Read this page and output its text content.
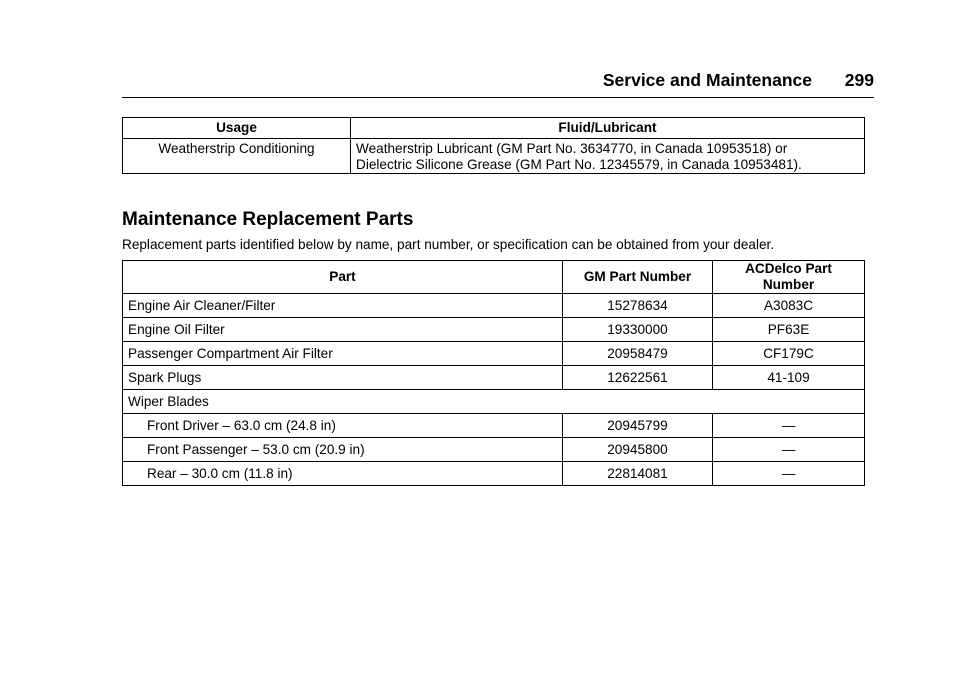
Service and Maintenance 299
Usage	Fluid/Lubricant
Weatherstrip Conditioning	Weatherstrip Lubricant (GM Part No. 3634770, in Canada 10953518) or
Dielectric Silicone Grease (GM Part No. 12345579, in Canada 10953481).
Maintenance Replacement Parts
Replacement parts identified below by name, part number, or specification can be obtained from your dealer.
Part	GM Part Number	ACDelco Part Number
Engine Air Cleaner/Filter	15278634	A3083C
Engine Oil Filter	19330000	PF63E
Passenger Compartment Air Filter	20958479	CF179C
Spark Plugs	12622561	41-109
Wiper Blades		
Front Driver – 63.0 cm (24.8 in)	20945799	—
Front Passenger – 53.0 cm (20.9 in)	20945800	—
Rear – 30.0 cm (11.8 in)	22814081	—
